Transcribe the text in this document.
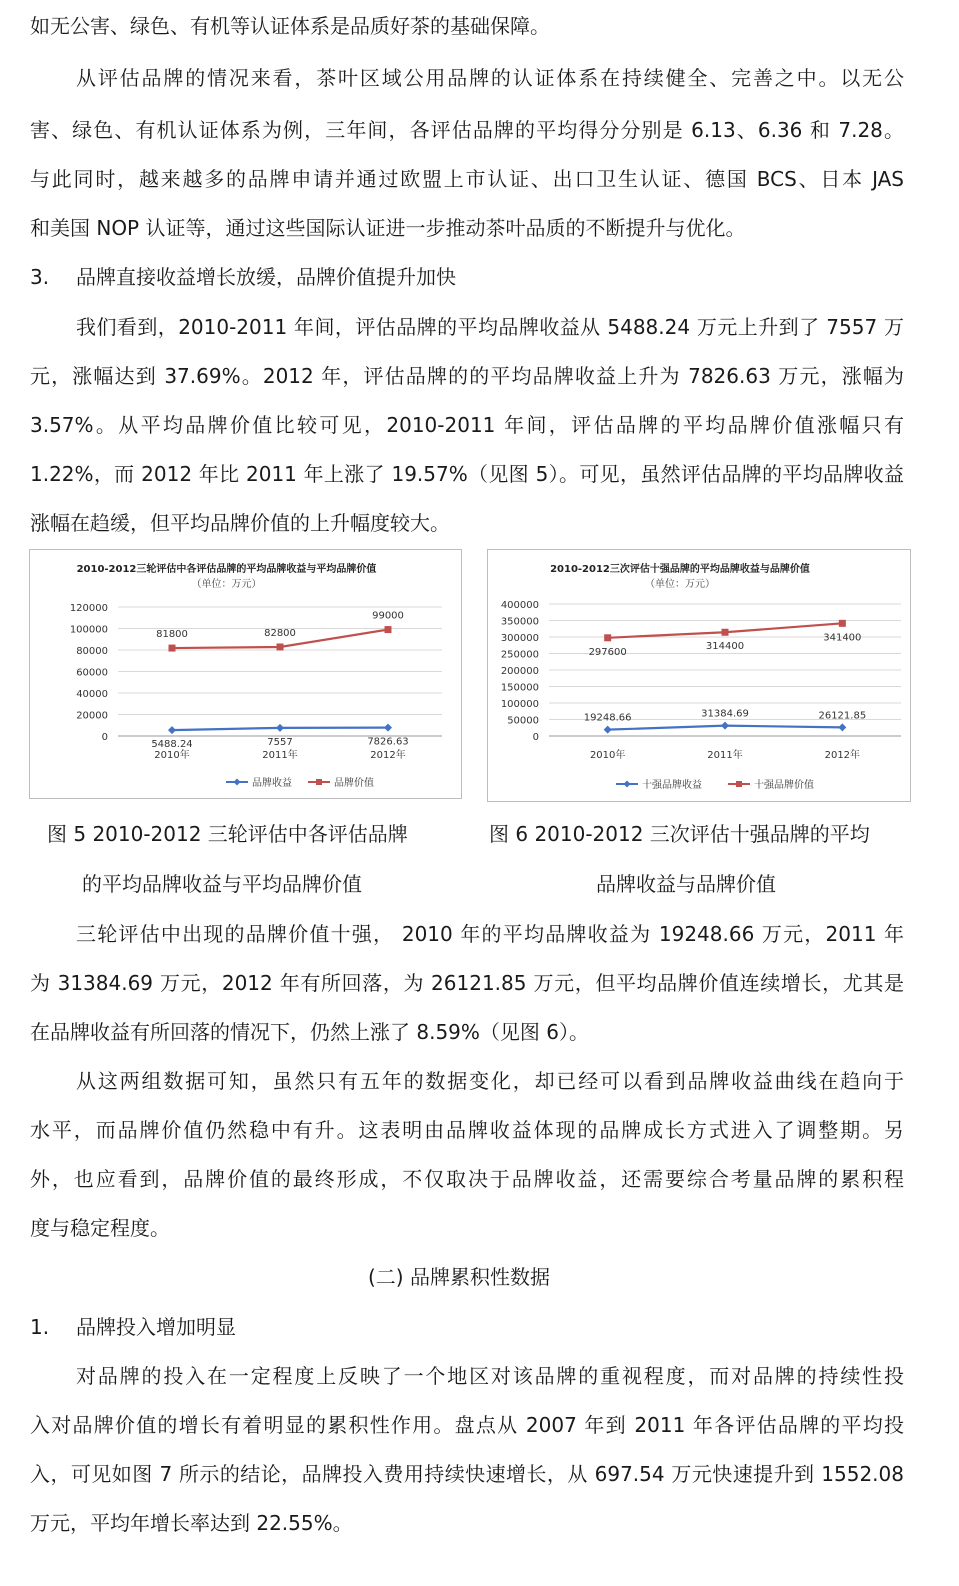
如无公害、绿色、有机等认证体系是品质好茶的基础保障。
从评估品牌的情况来看，茶叶区域公用品牌的认证体系在持续健全、完善之中。以无公
害、绿色、有机认证体系为例，三年间，各评估品牌的平均得分分别是 6.13、6.36 和 7.28。
与此同时，越来越多的品牌申请并通过欧盟上市认证、出口卫生认证、德国 BCS、日本 JAS
和美国 NOP 认证等，通过这些国际认证进一步推动茶叶品质的不断提升与优化。
3. 品牌直接收益增长放缓，品牌价值提升加快
我们看到，2010-2011 年间，评估品牌的平均品牌收益从 5488.24 万元上升到了 7557 万
元，涨幅达到 37.69%。2012 年，评估品牌的的平均品牌收益上升为 7826.63 万元，涨幅为
3.57%。从平均品牌价值比较可见，2010-2011 年间，评估品牌的平均品牌价值涨幅只有
1.22%，而 2012 年比 2011 年上涨了 19.57%（见图 5）。可见，虽然评估品牌的平均品牌收益
涨幅在趋缓，但平均品牌价值的上升幅度较大。
2010-2012三轮评估中各评估品牌的平均品牌收益与平均品牌价值
（单位：万元）
0
20000
40000
60000
80000
100000
120000
2010年	2011年	2012年
5488.24	7557	7826.63
品牌收益
81800	82800
99000
品牌价值
2010-2012三次评估十强品牌的平均品牌收益与品牌价值
（单位：万元）
0
50000
100000
150000
200000
250000
300000
350000
400000
2010年	2011年	2012年
19248.66	31384.69	26121.85
十强品牌收益
297600
314400
341400
十强品牌价值
图 5 2010-2012 三轮评估中各评估品牌
的平均品牌收益与平均品牌价值
图 6 2010-2012 三次评估十强品牌的平均
品牌收益与品牌价值
三轮评估中出现的品牌价值十强， 2010 年的平均品牌收益为 19248.66 万元，2011 年
为 31384.69 万元，2012 年有所回落，为 26121.85 万元，但平均品牌价值连续增长，尤其是
在品牌收益有所回落的情况下，仍然上涨了 8.59%（见图 6）。
从这两组数据可知，虽然只有五年的数据变化，却已经可以看到品牌收益曲线在趋向于
水平，而品牌价值仍然稳中有升。这表明由品牌收益体现的品牌成长方式进入了调整期。另
外，也应看到，品牌价值的最终形成，不仅取决于品牌收益，还需要综合考量品牌的累积程
度与稳定程度。
(二) 品牌累积性数据
1. 品牌投入增加明显
对品牌的投入在一定程度上反映了一个地区对该品牌的重视程度，而对品牌的持续性投
入对品牌价值的增长有着明显的累积性作用。盘点从 2007 年到 2011 年各评估品牌的平均投
入，可见如图 7 所示的结论，品牌投入费用持续快速增长，从 697.54 万元快速提升到 1552.08
万元，平均年增长率达到 22.55%。
